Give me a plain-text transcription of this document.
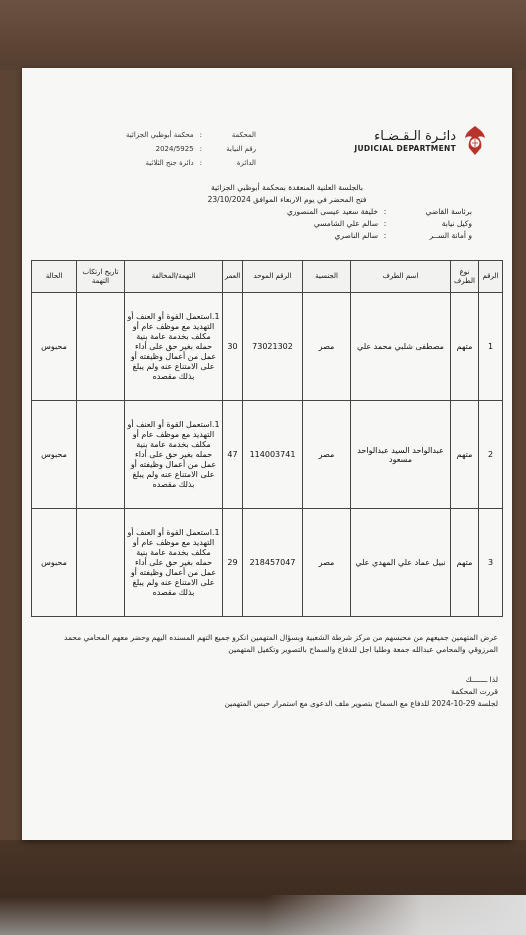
المحكمة
:
محكمة أبوظبي الجزائية
رقم النيابة
:
2024/5925
الدائرة
:
دائرة جنح الثلاثية
دائـرة الـقـضـاء
JUDICIAL DEPARTMENT
بالجلسة العلنية المنعقدة بمحكمة أبوظبي الجزائية
فتح المحضر في يوم الاربعاء الموافق 23/10/2024
برئاسة القاضي
:
خليفة سعيد عيسى المنصوري
وكيل نيابة
:
سالم علي الشامسي
و أمانة الســر
:
سالم الناصري
الرقم	نوع الطرف	اسم الطرف	الجنسية	الرقم الموحد	العمر	التهمة/المخالفة	تاريخ ارتكاب التهمة	الحالة
1	متهم	مصطفى شلبي محمد علي	مصر	73021302	30	1.استعمل القوة أو العنف أو التهديد مع موظف عام أو مكلف بخدمة عامة بنية حمله بغير حق على أداء عمل من أعمال وظيفته أو على الامتناع عنه ولم يبلغ بذلك مقصده		محبوس
2	متهم	عبدالواحد السيد عبدالواحد مسعود	مصر	114003741	47	1.استعمل القوة أو العنف أو التهديد مع موظف عام أو مكلف بخدمة عامة بنية حمله بغير حق على أداء عمل من أعمال وظيفته أو على الامتناع عنه ولم يبلغ بذلك مقصده		محبوس
3	متهم	نبيل عماد علي المهدي علي	مصر	218457047	29	1.استعمل القوة أو العنف أو التهديد مع موظف عام أو مكلف بخدمة عامة بنية حمله بغير حق على أداء عمل من أعمال وظيفته أو على الامتناع عنه ولم يبلغ بذلك مقصده		محبوس
عرض المتهمين جميعهم من محبسهم من مركز شرطة الشعبية وبسؤال المتهمين انكرو جميع التهم المسنده اليهم وحضر معهم المحامي محمد المرزوقي والمحامي عبدالله جمعة وطلبا اجل للدفاع والسماح بالتصوير وتكفيل المتهمين
لذا ـــــــك
قررت المحكمة
لجلسة 29-10-2024 للدفاع مع السماح بتصوير ملف الدعوى مع استمرار حبس المتهمين
